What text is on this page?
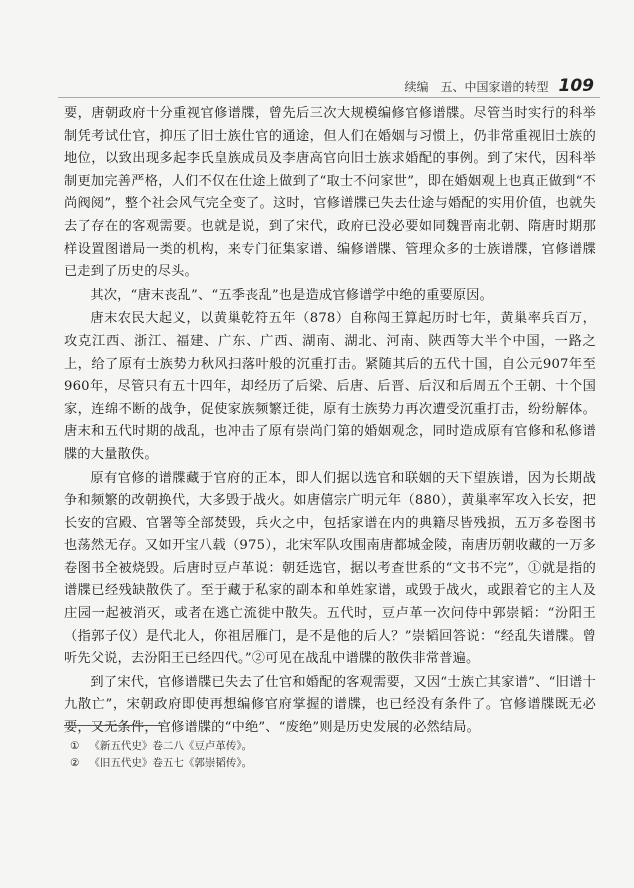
续编　五、中国家谱的转型 109

要，唐朝政府十分重视官修谱牒，曾先后三次大规模编修官修谱牒。尽管当时实行的科举制凭考试仕官，抑压了旧士族仕官的通途，但人们在婚姻与习惯上，仍非常重视旧士族的地位，以致出现多起李氏皇族成员及李唐高官向旧士族求婚配的事例。到了宋代，因科举制更加完善严格，人们不仅在仕途上做到了“取士不问家世”，即在婚姻观上也真正做到“不尚阀阅”，整个社会风气完全变了。这时，官修谱牒已失去仕途与婚配的实用价值，也就失去了存在的客观需要。也就是说，到了宋代，政府已没必要如同魏晋南北朝、隋唐时期那样设置图谱局一类的机构，来专门征集家谱、编修谱牒、管理众多的士族谱牒，官修谱牒已走到了历史的尽头。

其次，“唐末丧乱”、“五季丧乱”也是造成官修谱学中绝的重要原因。

唐末农民大起义，以黄巢乾符五年（878）自称闯王算起历时七年，黄巢率兵百万，攻克江西、浙江、福建、广东、广西、湖南、湖北、河南、陕西等大半个中国，一路之上，给了原有士族势力秋风扫落叶般的沉重打击。紧随其后的五代十国，自公元907年至960年，尽管只有五十四年，却经历了后梁、后唐、后晋、后汉和后周五个王朝、十个国家，连绵不断的战争，促使家族频繁迁徙，原有士族势力再次遭受沉重打击，纷纷解体。唐末和五代时期的战乱，也冲击了原有崇尚门第的婚姻观念，同时造成原有官修和私修谱牒的大量散佚。

原有官修的谱牒藏于官府的正本，即人们据以选官和联姻的天下望族谱，因为长期战争和频繁的改朝换代，大多毁于战火。如唐僖宗广明元年（880），黄巢率军攻入长安，把长安的宫殿、官署等全部焚毁，兵火之中，包括家谱在内的典籍尽皆残损，五万多卷图书也荡然无存。又如开宝八载（975），北宋军队攻围南唐都城金陵，南唐历朝收藏的一万多卷图书全被烧毁。后唐时豆卢革说：朝廷选官，据以考查世系的“文书不完”，①就是指的谱牒已经残缺散佚了。至于藏于私家的副本和单姓家谱，或毁于战火，或跟着它的主人及庄园一起被消灭，或者在逃亡流徙中散失。五代时，豆卢革一次问侍中郭崇韬：“汾阳王（指郭子仪）是代北人，你祖居雁门，是不是他的后人？”崇韬回答说：“经乱失谱牒。曾听先父说，去汾阳王已经四代。”②可见在战乱中谱牒的散佚非常普遍。

到了宋代，官修谱牒已失去了仕官和婚配的客观需要，又因“士族亡其家谱”、“旧谱十九散亡”，宋朝政府即使再想编修官府掌握的谱牒，也已经没有条件了。官修谱牒既无必要，又无条件，官修谱牒的“中绝”、“废绝”则是历史发展的必然结局。

① 《新五代史》卷二八《豆卢革传》。
② 《旧五代史》卷五七《郭崇韬传》。
